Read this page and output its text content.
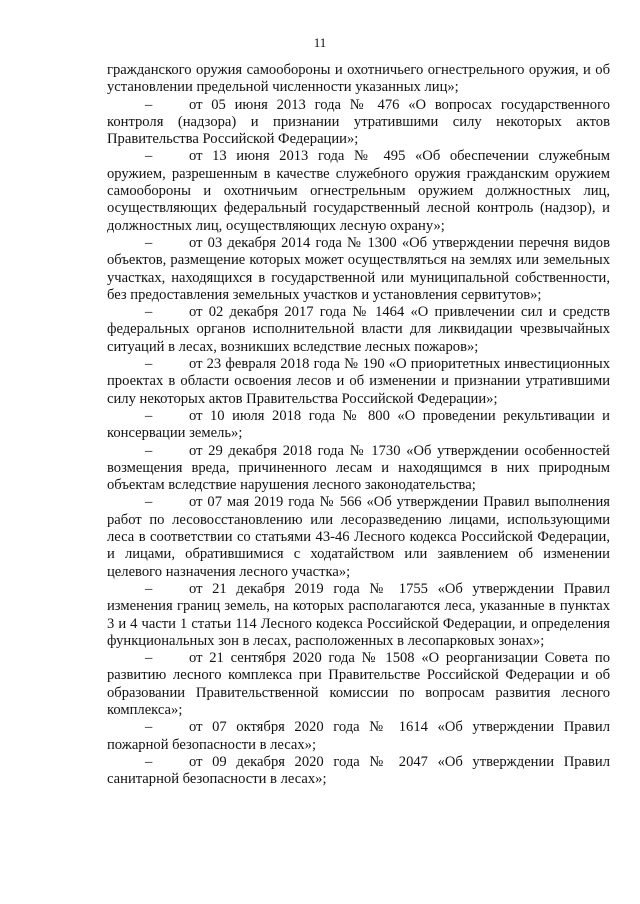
11

гражданского оружия самообороны и охотничьего огнестрельного оружия, и об установлении предельной численности указанных лиц»;

–	от 05 июня 2013 года № 476 «О вопросах государственного контроля (надзора) и признании утратившими силу некоторых актов Правительства Российской Федерации»;

–	от 13 июня 2013 года № 495 «Об обеспечении служебным оружием, разрешенным в качестве служебного оружия гражданским оружием самообороны и охотничьим огнестрельным оружием должностных лиц, осуществляющих федеральный государственный лесной контроль (надзор), и должностных лиц, осуществляющих лесную охрану»;

–	от 03 декабря 2014 года № 1300 «Об утверждении перечня видов объектов, размещение которых может осуществляться на землях или земельных участках, находящихся в государственной или муниципальной собственности, без предоставления земельных участков и установления сервитутов»;

–	от 02 декабря 2017 года № 1464 «О привлечении сил и средств федеральных органов исполнительной власти для ликвидации чрезвычайных ситуаций в лесах, возникших вследствие лесных пожаров»;

–	от 23 февраля 2018 года № 190 «О приоритетных инвестиционных проектах в области освоения лесов и об изменении и признании утратившими силу некоторых актов Правительства Российской Федерации»;

–	от 10 июля 2018 года № 800 «О проведении рекультивации и консервации земель»;

–	от 29 декабря 2018 года № 1730 «Об утверждении особенностей возмещения вреда, причиненного лесам и находящимся в них природным объектам вследствие нарушения лесного законодательства;

–	от 07 мая 2019 года № 566 «Об утверждении Правил выполнения работ по лесовосстановлению или лесоразведению лицами, использующими леса в соответствии со статьями 43-46 Лесного кодекса Российской Федерации, и лицами, обратившимися с ходатайством или заявлением об изменении целевого назначения лесного участка»;

–	от 21 декабря 2019 года № 1755 «Об утверждении Правил изменения границ земель, на которых располагаются леса, указанные в пунктах 3 и 4 части 1 статьи 114 Лесного кодекса Российской Федерации, и определения функциональных зон в лесах, расположенных в лесопарковых зонах»;

–	от 21 сентября 2020 года № 1508 «О реорганизации Совета по развитию лесного комплекса при Правительстве Российской Федерации и об образовании Правительственной комиссии по вопросам развития лесного комплекса»;

–	от 07 октября 2020 года № 1614 «Об утверждении Правил пожарной безопасности в лесах»;

–	от 09 декабря 2020 года № 2047 «Об утверждении Правил санитарной безопасности в лесах»;
